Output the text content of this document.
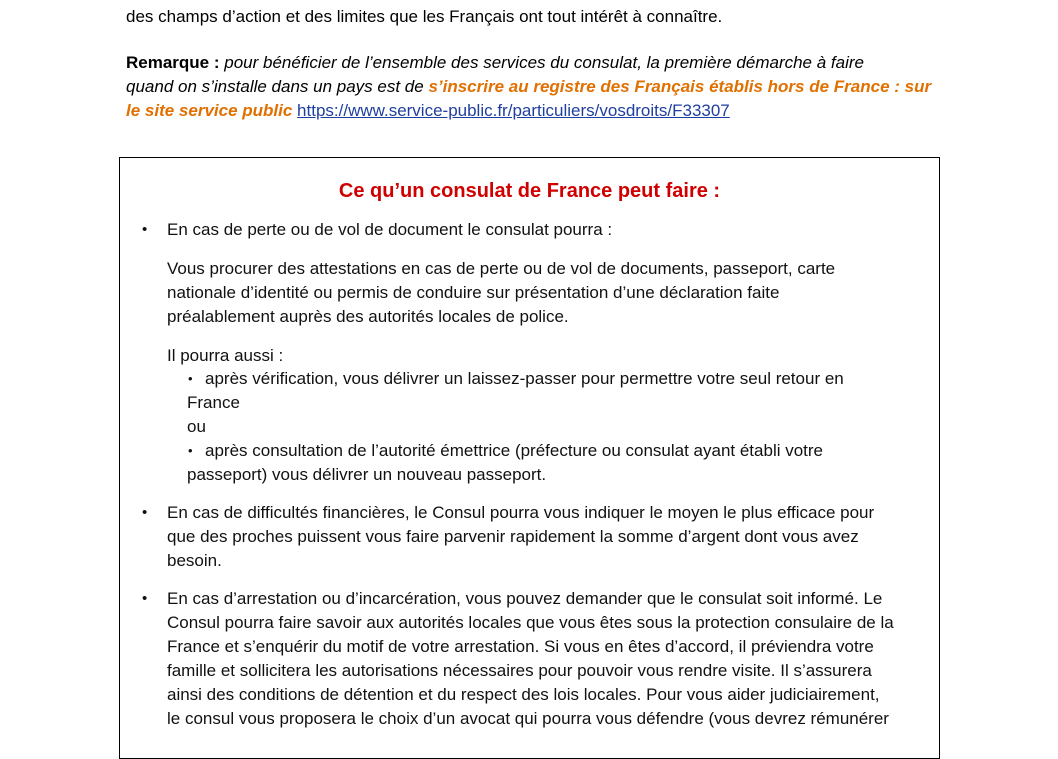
des champs d’action et des limites que les Français ont tout intérêt à connaître.
Remarque : pour bénéficier de l’ensemble des services du consulat, la première démarche à faire
quand on s’installe dans un pays est de s’inscrire au registre des Français établis hors de France : sur
le site service public https://www.service-public.fr/particuliers/vosdroits/F33307
Ce qu’un consulat de France peut faire :
• En cas de perte ou de vol de document le consulat pourra :
Vous procurer des attestations en cas de perte ou de vol de documents, passeport, carte
nationale d’identité ou permis de conduire sur présentation d’une déclaration faite
préalablement auprès des autorités locales de police.
Il pourra aussi :
• après vérification, vous délivrer un laissez-passer pour permettre votre seul retour en
France
ou
• après consultation de l’autorité émettrice (préfecture ou consulat ayant établi votre
passeport) vous délivrer un nouveau passeport.
• En cas de difficultés financières, le Consul pourra vous indiquer le moyen le plus efficace pour
que des proches puissent vous faire parvenir rapidement la somme d’argent dont vous avez
besoin.
• En cas d’arrestation ou d’incarcération, vous pouvez demander que le consulat soit informé. Le
Consul pourra faire savoir aux autorités locales que vous êtes sous la protection consulaire de la
France et s’enquérir du motif de votre arrestation. Si vous en êtes d’accord, il préviendra votre
famille et sollicitera les autorisations nécessaires pour pouvoir vous rendre visite. Il s’assurera
ainsi des conditions de détention et du respect des lois locales. Pour vous aider judiciairement,
le consul vous proposera le choix d’un avocat qui pourra vous défendre (vous devrez rémunérer
